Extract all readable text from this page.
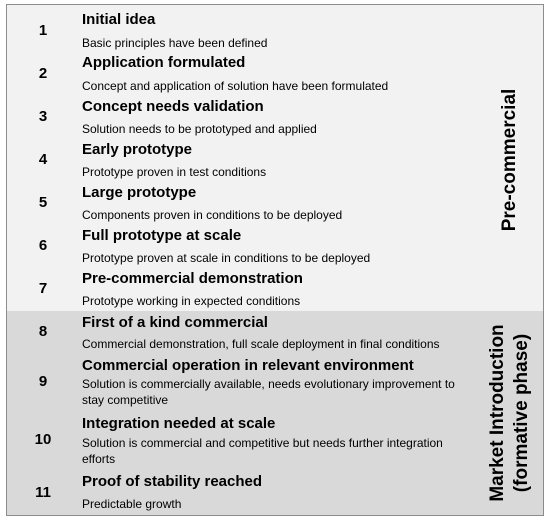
1
Initial idea
Basic principles have been defined
2
Application formulated
Concept and application of solution have been formulated
3
Concept needs validation
Solution needs to be prototyped and applied
4
Early prototype
Prototype proven in test conditions
5
Large prototype
Components proven in conditions to be deployed
6
Full prototype at scale
Prototype proven at scale in conditions to be deployed
7
Pre-commercial demonstration
Prototype working in expected conditions
8
First of a kind commercial
Commercial demonstration, full scale deployment in final conditions
9
Commercial operation in relevant environment
Solution is commercially available, needs evolutionary improvement to stay competitive
10
Integration needed at scale
Solution is commercial and competitive but needs further integration efforts
11
Proof of stability reached
Predictable growth
Pre-commercial
Market Introduction (formative phase)
